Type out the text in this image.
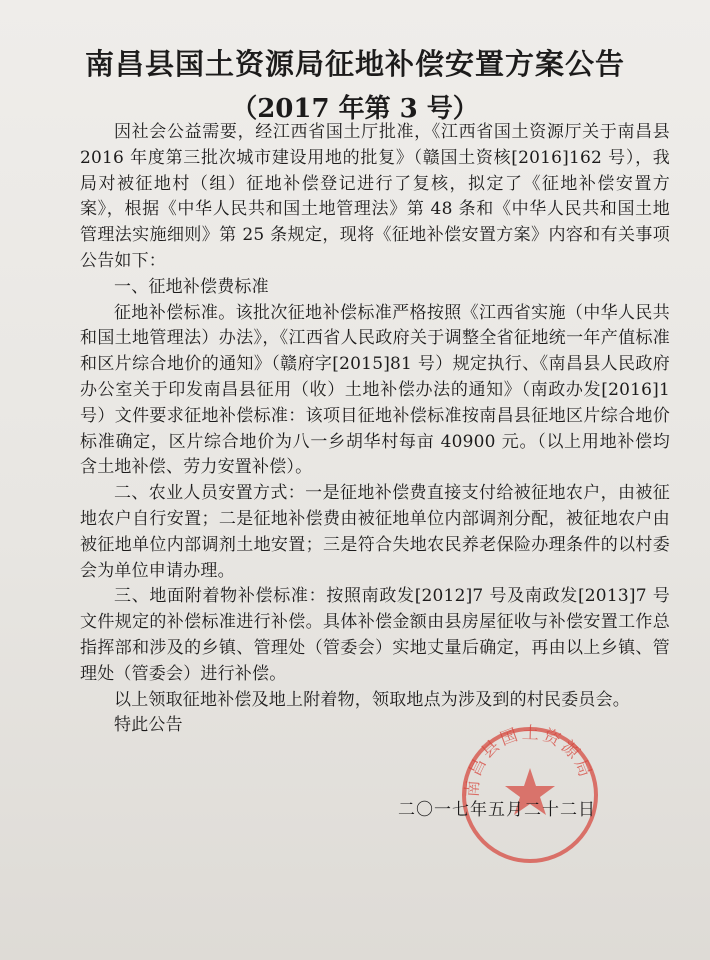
南昌县国土资源局征地补偿安置方案公告
（2017 年第 3 号）

因社会公益需要，经江西省国土厅批准，《江西省国土资源厅关于南昌县 2016 年度第三批次城市建设用地的批复》（赣国土资核[2016]162 号），我局对被征地村（组）征地补偿登记进行了复核，拟定了《征地补偿安置方案》，根据《中华人民共和国土地管理法》第 48 条和《中华人民共和国土地管理法实施细则》第 25 条规定，现将《征地补偿安置方案》内容和有关事项公告如下：

一、征地补偿费标准

征地补偿标准。该批次征地补偿标准严格按照《江西省实施（中华人民共和国土地管理法）办法》，《江西省人民政府关于调整全省征地统一年产值标准和区片综合地价的通知》（赣府字[2015]81 号）规定执行、《南昌县人民政府办公室关于印发南昌县征用（收）土地补偿办法的通知》（南政办发[2016]1 号）文件要求征地补偿标准：该项目征地补偿标准按南昌县征地区片综合地价标准确定，区片综合地价为八一乡胡华村每亩 40900 元。（以上用地补偿均含土地补偿、劳力安置补偿）。

二、农业人员安置方式：一是征地补偿费直接支付给被征地农户，由被征地农户自行安置；二是征地补偿费由被征地单位内部调剂分配，被征地农户由被征地单位内部调剂土地安置；三是符合失地农民养老保险办理条件的以村委会为单位申请办理。

三、地面附着物补偿标准：按照南政发[2012]7 号及南政发[2013]7 号文件规定的补偿标准进行补偿。具体补偿金额由县房屋征收与补偿安置工作总指挥部和涉及的乡镇、管理处（管委会）实地丈量后确定，再由以上乡镇、管理处（管委会）进行补偿。

以上领取征地补偿及地上附着物，领取地点为涉及到的村民委员会。

特此公告

南昌县国土资源局
二〇一七年五月二十二日
